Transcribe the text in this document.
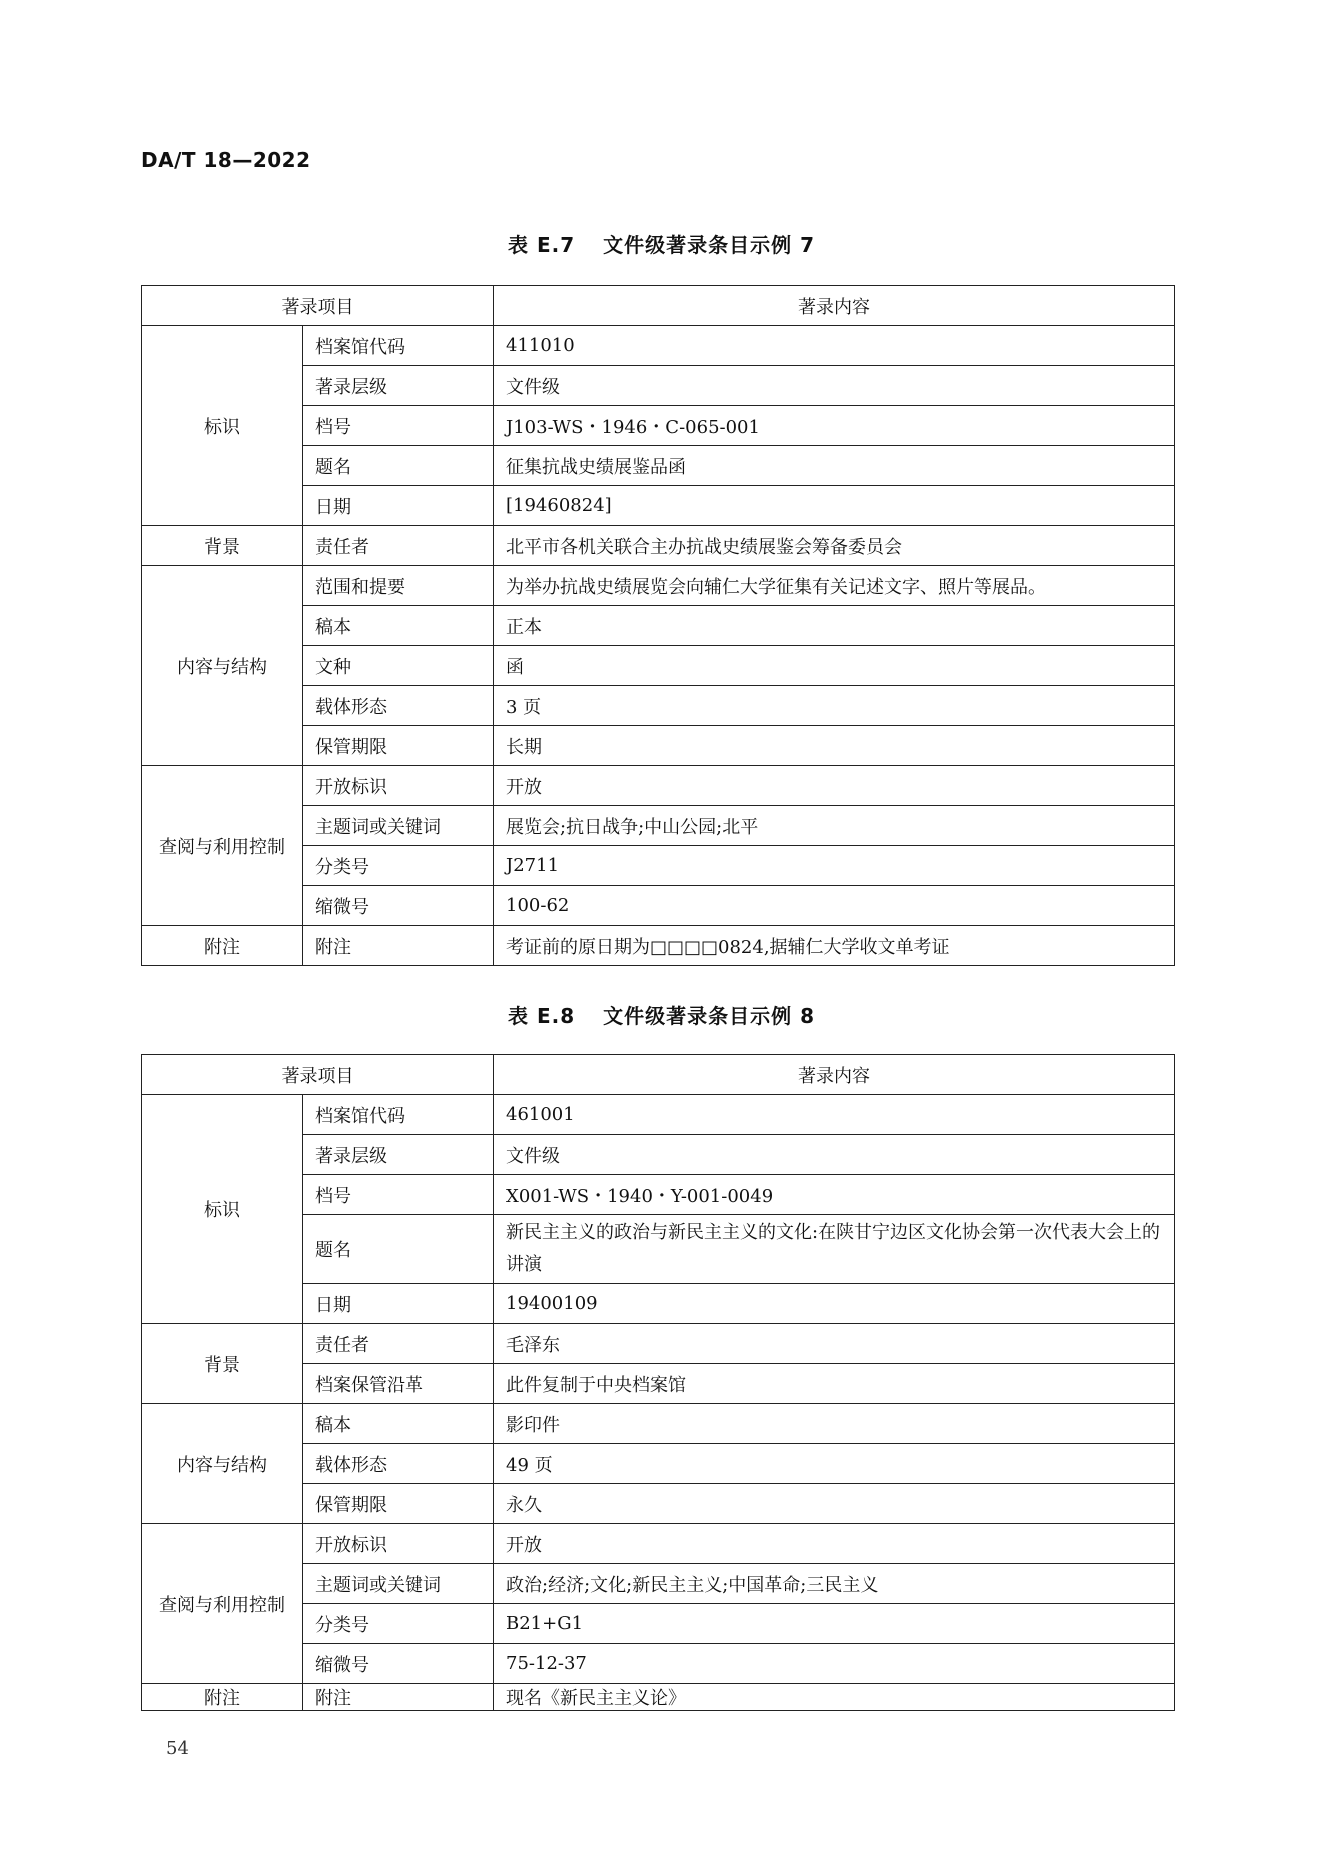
DA/T 18—2022
表 E.7 文件级著录条目示例 7
著录项目		著录内容
标识	档案馆代码	411010
	著录层级	文件级
	档号	J103-WS・1946・C-065-001
	题名	征集抗战史绩展鉴品函
	日期	[19460824]
背景	责任者	北平市各机关联合主办抗战史绩展鉴会筹备委员会
内容与结构	范围和提要	为举办抗战史绩展览会向辅仁大学征集有关记述文字、照片等展品。
	稿本	正本
	文种	函
	载体形态	3 页
	保管期限	长期
查阅与利用控制	开放标识	开放
	主题词或关键词	展览会;抗日战争;中山公园;北平
	分类号	J2711
	缩微号	100-62
附注	附注	考证前的原日期为□□□□0824,据辅仁大学收文单考证
表 E.8 文件级著录条目示例 8
著录项目		著录内容
标识	档案馆代码	461001
	著录层级	文件级
	档号	X001-WS・1940・Y-001-0049
	题名	新民主主义的政治与新民主主义的文化:在陕甘宁边区文化协会第一次代表大会上的讲演
	日期	19400109
背景	责任者	毛泽东
	档案保管沿革	此件复制于中央档案馆
内容与结构	稿本	影印件
	载体形态	49 页
	保管期限	永久
查阅与利用控制	开放标识	开放
	主题词或关键词	政治;经济;文化;新民主主义;中国革命;三民主义
	分类号	B21+G1
	缩微号	75-12-37
附注	附注	现名《新民主主义论》
54
